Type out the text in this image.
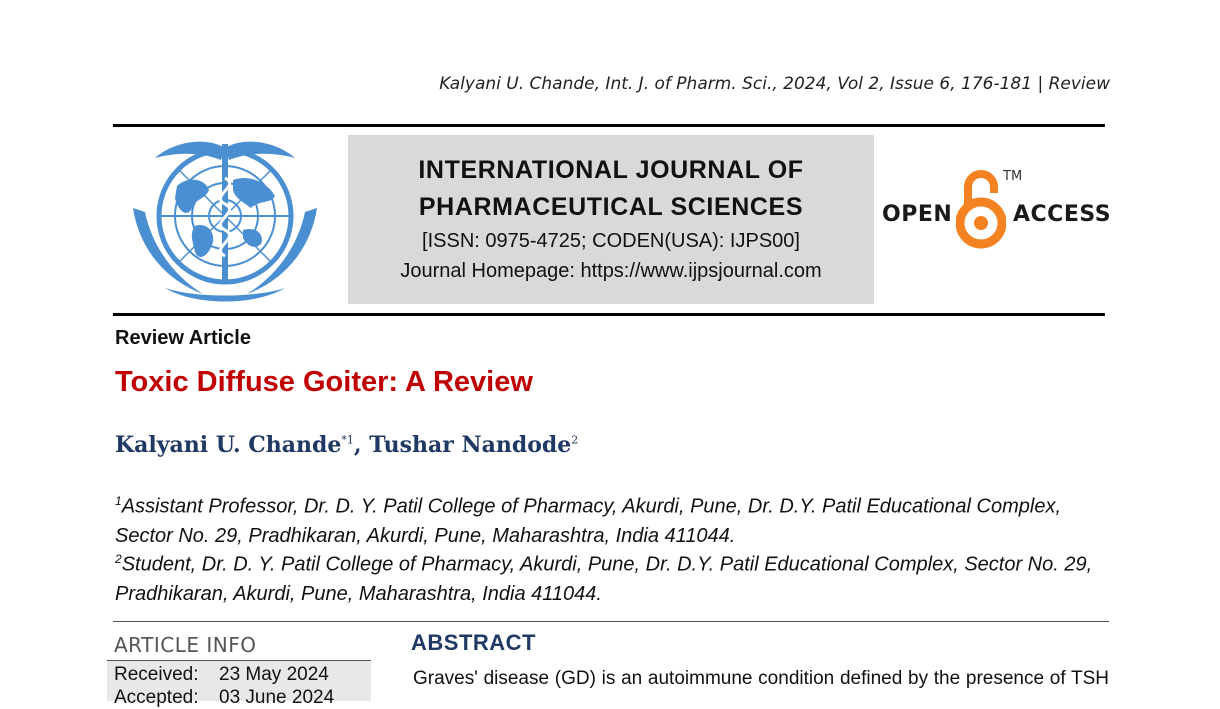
Kalyani U. Chande, Int. J. of Pharm. Sci., 2024, Vol 2, Issue 6, 176-181 | Review
INTERNATIONAL JOURNAL OF
PHARMACEUTICAL SCIENCES
[ISSN: 0975-4725; CODEN(USA): IJPS00]
Journal Homepage: https://www.ijpsjournal.com
OPEN
TM
ACCESS
Review Article
Toxic Diffuse Goiter: A Review
Kalyani U. Chande$^{*1}$, Tushar Nandode$^2$
$^1$Assistant Professor, Dr. D. Y. Patil College of Pharmacy, Akurdi, Pune, Dr. D.Y. Patil Educational Complex, Sector No. 29, Pradhikaran, Akurdi, Pune, Maharashtra, India 411044.
$^2$Student, Dr. D. Y. Patil College of Pharmacy, Akurdi, Pune, Dr. D.Y. Patil Educational Complex, Sector No. 29, Pradhikaran, Akurdi, Pune, Maharashtra, India 411044.
ARTICLE INFO
Received: 23 May 2024
Accepted: 03 June 2024
ABSTRACT
Graves' disease (GD) is an autoimmune condition defined by the presence of TSH
